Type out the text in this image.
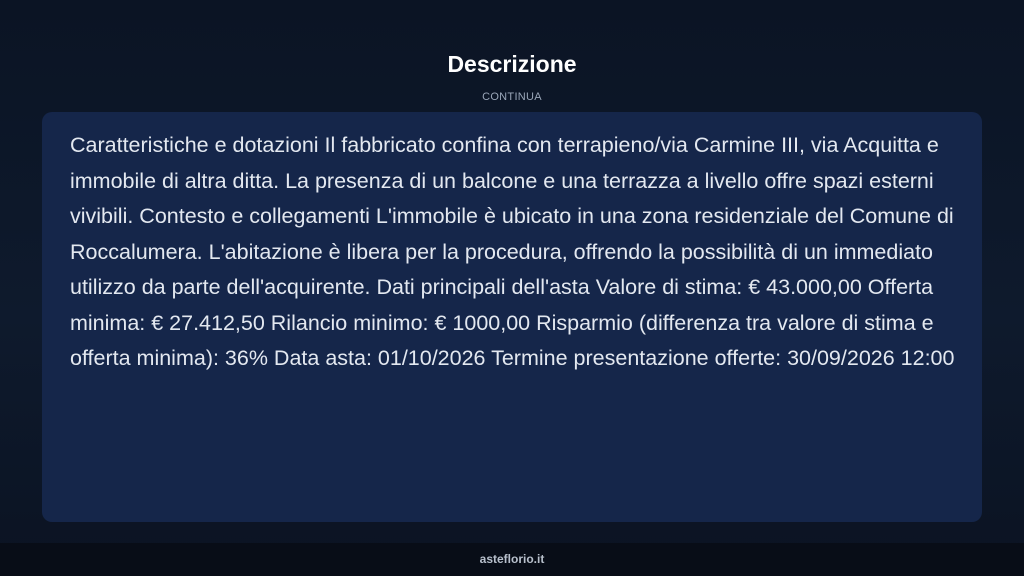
Descrizione
CONTINUA

Caratteristiche e dotazioni Il fabbricato confina con terrapieno/via Carmine III, via Acquitta e immobile di altra ditta. La presenza di un balcone e una terrazza a livello offre spazi esterni vivibili. Contesto e collegamenti L'immobile è ubicato in una zona residenziale del Comune di Roccalumera. L'abitazione è libera per la procedura, offrendo la possibilità di un immediato utilizzo da parte dell'acquirente. Dati principali dell'asta Valore di stima: € 43.000,00 Offerta minima: € 27.412,50 Rilancio minimo: € 1000,00 Risparmio (differenza tra valore di stima e offerta minima): 36% Data asta: 01/10/2026 Termine presentazione offerte: 30/09/2026 12:00

asteflorio.it
